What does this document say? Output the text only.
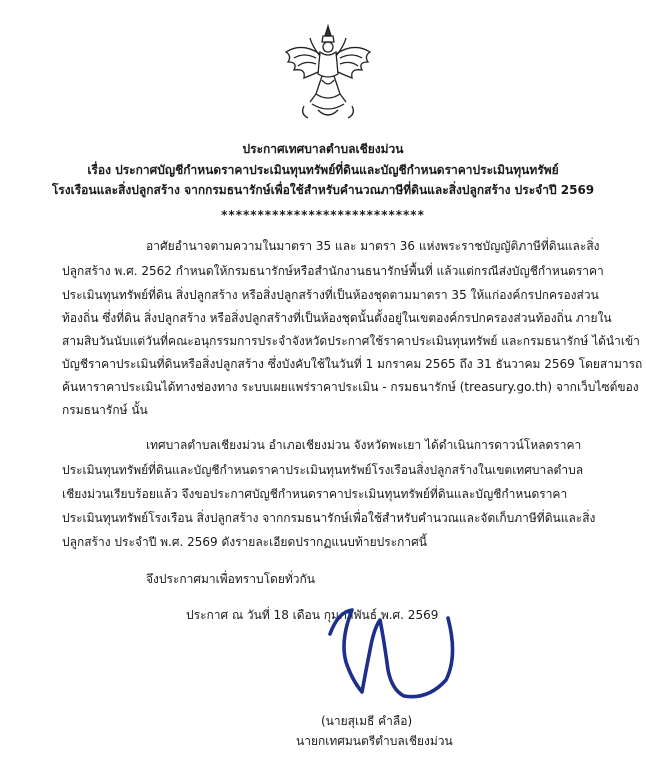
ประกาศเทศบาลตำบลเชียงม่วน
เรื่อง ประกาศบัญชีกำหนดราคาประเมินทุนทรัพย์ที่ดินและบัญชีกำหนดราคาประเมินทุนทรัพย์
โรงเรือนและสิ่งปลูกสร้าง จากกรมธนารักษ์เพื่อใช้สำหรับคำนวณภาษีที่ดินและสิ่งปลูกสร้าง ประจำปี 2569
****************************
อาศัยอำนาจตามความในมาตรา 35 และ มาตรา 36 แห่งพระราชบัญญัติภาษีที่ดินและสิ่ง
ปลูกสร้าง พ.ศ. 2562 กำหนดให้กรมธนารักษ์หรือสำนักงานธนารักษ์พื้นที่ แล้วแต่กรณีส่งบัญชีกำหนดราคา
ประเมินทุนทรัพย์ที่ดิน สิ่งปลูกสร้าง หรือสิ่งปลูกสร้างที่เป็นห้องชุดตามมาตรา 35 ให้แก่องค์กรปกครองส่วน
ท้องถิ่น ซึ่งที่ดิน สิ่งปลูกสร้าง หรือสิ่งปลูกสร้างที่เป็นห้องชุดนั้นตั้งอยู่ในเขตองค์กรปกครองส่วนท้องถิ่น ภายใน
สามสิบวันนับแต่วันที่คณะอนุกรรมการประจำจังหวัดประกาศใช้ราคาประเมินทุนทรัพย์ และกรมธนารักษ์ ได้นำเข้า
บัญชีราคาประเมินที่ดินหรือสิ่งปลูกสร้าง ซึ่งบังคับใช้ในวันที่ 1 มกราคม 2565 ถึง 31 ธันวาคม 2569 โดยสามารถ
ค้นหาราคาประเมินได้ทางช่องทาง ระบบเผยแพร่ราคาประเมิน - กรมธนารักษ์ (treasury.go.th) จากเว็บไซต์ของ
กรมธนารักษ์ นั้น
เทศบาลตำบลเชียงม่วน อำเภอเชียงม่วน จังหวัดพะเยา ได้ดำเนินการดาวน์โหลดราคา
ประเมินทุนทรัพย์ที่ดินและบัญชีกำหนดราคาประเมินทุนทรัพย์โรงเรือนสิ่งปลูกสร้างในเขตเทศบาลตำบล
เชียงม่วนเรียบร้อยแล้ว จึงขอประกาศบัญชีกำหนดราคาประเมินทุนทรัพย์ที่ดินและบัญชีกำหนดราคา
ประเมินทุนทรัพย์โรงเรือน สิ่งปลูกสร้าง จากกรมธนารักษ์เพื่อใช้สำหรับคำนวณและจัดเก็บภาษีที่ดินและสิ่ง
ปลูกสร้าง ประจำปี พ.ศ. 2569 ดังรายละเอียดปรากฏแนบท้ายประกาศนี้
จึงประกาศมาเพื่อทราบโดยทั่วกัน
ประกาศ ณ วันที่ 18 เดือน กุมภาพันธ์ พ.ศ. 2569
(นายสุเมธี คำลือ)
นายกเทศมนตรีตำบลเชียงม่วน
